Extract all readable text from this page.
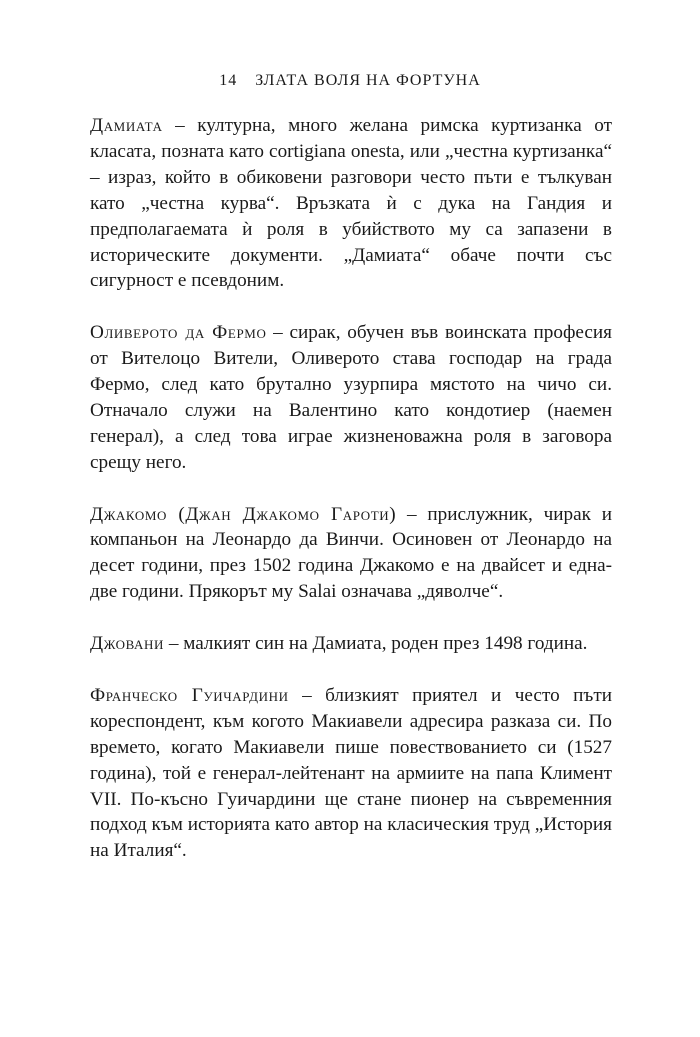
14 ЗЛАТА ВОЛЯ НА ФОРТУНА

Дамиата – културна, много желана римска куртизанка от класата, позната като cortigiana onesta, или „честна куртизанка“ – израз, който в обиковени разговори често пъти е тълкуван като „честна курва“. Връзката ѝ с дука на Гандия и предполагаемата ѝ роля в убийството му са запазени в историческите документи. „Дамиата“ обаче почти със сигурност е псевдоним.

Оливерото да Фермо – сирак, обучен във воинската професия от Вителоцо Вители, Оливерото става господар на града Фермо, след като брутално узурпира мястото на чичо си. Отначало служи на Валентино като кондотиер (наемен генерал), а след това играе жизненоважна роля в заговора срещу него.

Джакомо (Джан Джакомо Гароти) – прислужник, чирак и компаньон на Леонардо да Винчи. Осиновен от Леонардо на десет години, през 1502 година Джакомо е на двайсет и една-две години. Прякорът му Salai означава „дяволче“.

Джовани – малкият син на Дамиата, роден през 1498 година.

Франческо Гуичардини – близкият приятел и често пъти кореспондент, към когото Макиавели адресира разказа си. По времето, когато Макиавели пише повествованието си (1527 година), той е генерал-лейтенант на армиите на папа Климент VII. По-късно Гуичардини ще стане пионер на съвременния подход към историята като автор на класическия труд „История на Италия“.
